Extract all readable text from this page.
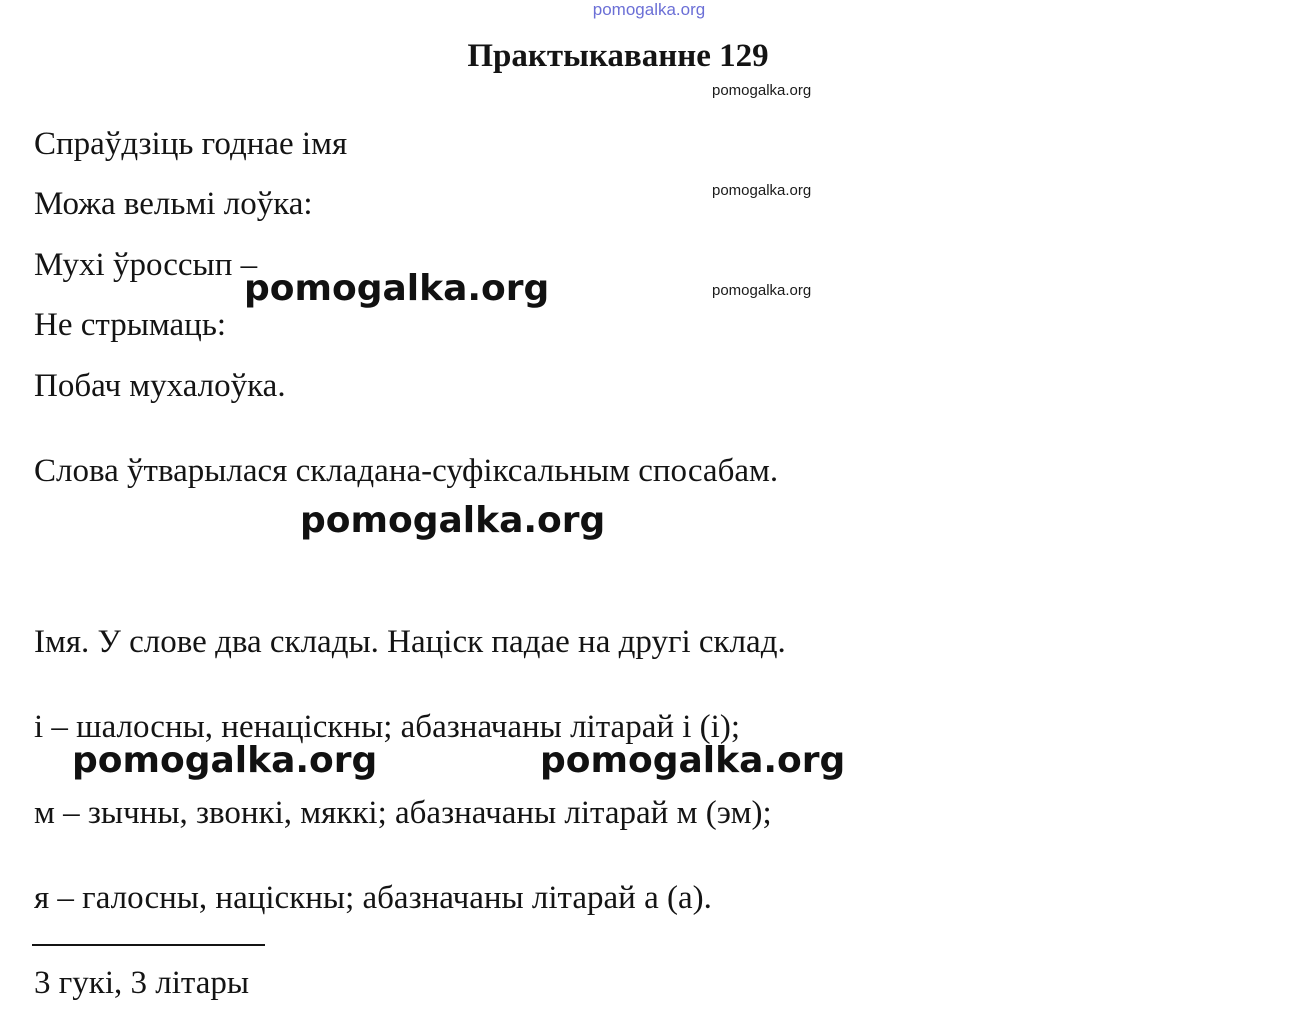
pomogalka.org
Практыкаванне 129
pomogalka.org
pomogalka.org
pomogalka.org
Спраўдзіць годнае імя
Можа вельмі лоўка:
Мухі ўроссып –
Не стрымаць:
Побач мухалоўка.
Слова ўтварылася складана-суфіксальным спосабам.
Імя. У слове два склады. Націск падае на другі склад.
і – шалосны, ненаціскны; абазначаны літарай і (і);
м – зычны, звонкі, мяккі; абазначаны літарай м (эм);
я – галосны, націскны; абазначаны літарай а (а).
3 гукі, 3 літары
pomogalka.org
pomogalka.org
pomogalka.org	pomogalka.org
